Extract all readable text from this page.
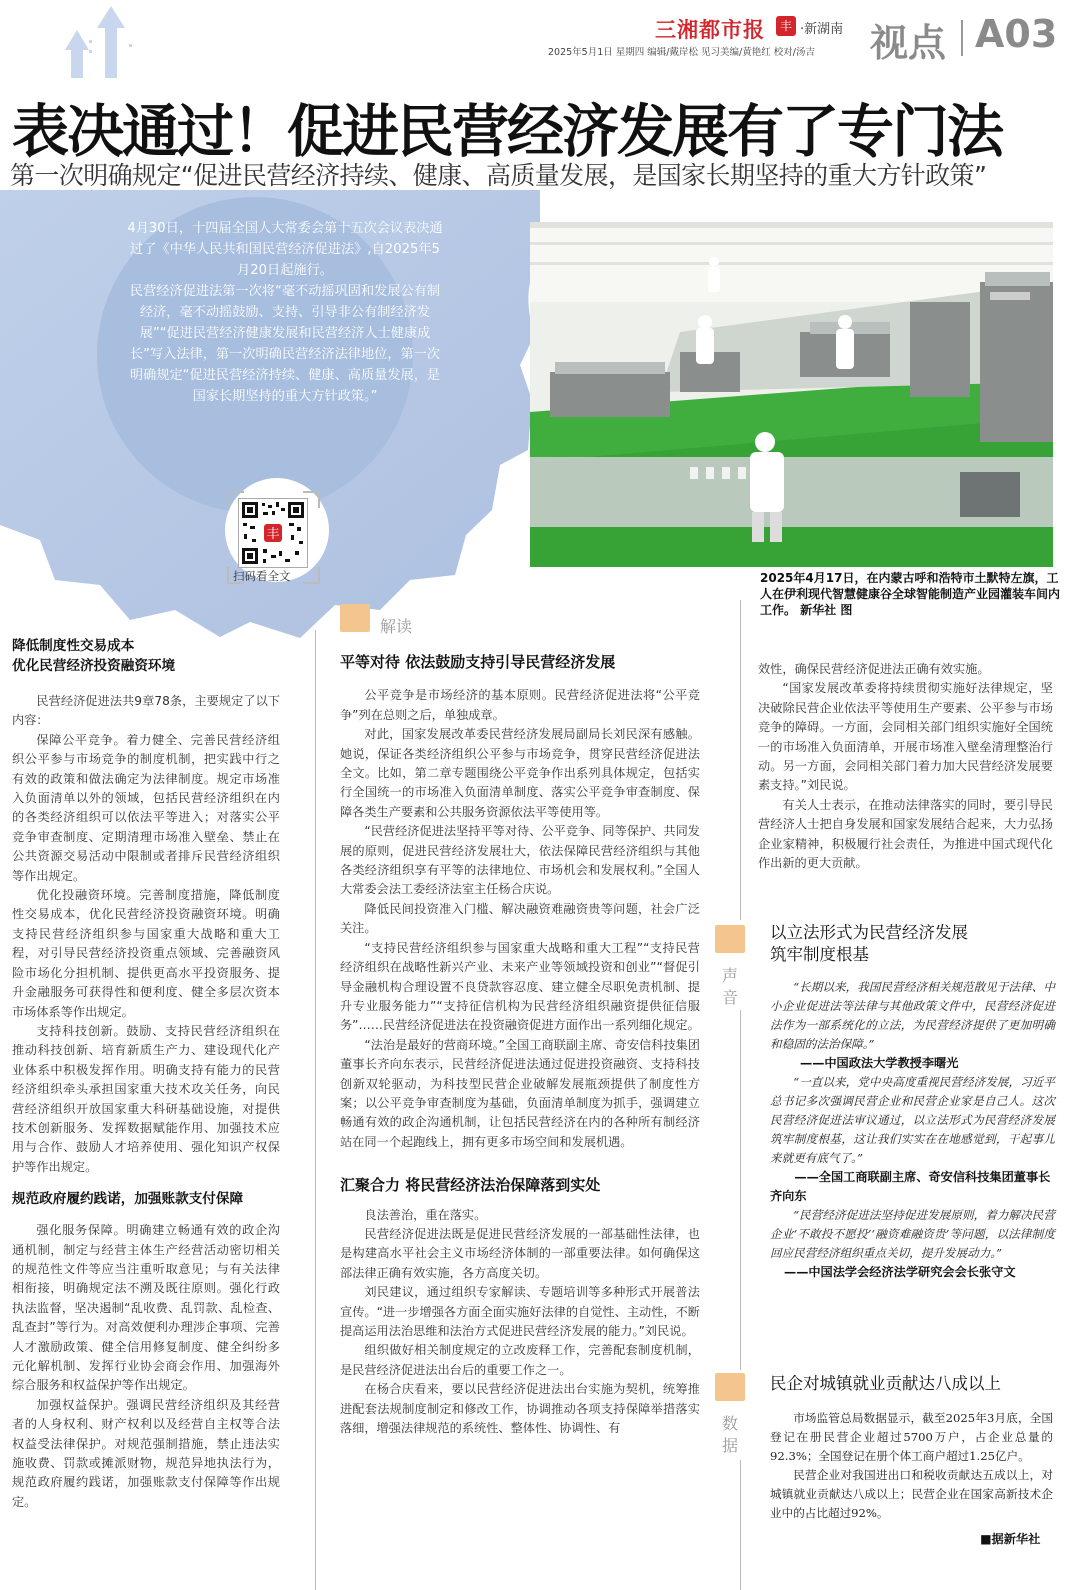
三湘都市报	丰 ·新湖南
2025年5月1日 星期四 编辑/戴岸松 见习美编/黄艳红 校对/汤吉 视点 A03
表决通过！促进民营经济发展有了专门法
第一次明确规定“促进民营经济持续、健康、高质量发展，是国家长期坚持的重大方针政策”

4月30日，十四届全国人大常委会第十五次会议表决通过了《中华人民共和国民营经济促进法》,自2025年5月20日起施行。

民营经济促进法第一次将“毫不动摇巩固和发展公有制经济，毫不动摇鼓励、支持、引导非公有制经济发展”“促进民营经济健康发展和民营经济人士健康成长”写入法律，第一次明确民营经济法律地位，第一次明确规定“促进民营经济持续、健康、高质量发展，是国家长期坚持的重大方针政策。”

丰
扫码看全文	2025年4月17日，在内蒙古呼和浩特市土默特左旗，工人在伊利现代智慧健康谷全球智能制造产业园灌装车间内工作。 新华社 图
降低制度性交易成本
优化民营经济投资融资环境

民营经济促进法共9章78条，主要规定了以下内容：

保障公平竞争。着力健全、完善民营经济组织公平参与市场竞争的制度机制，把实践中行之有效的政策和做法确定为法律制度。规定市场准入负面清单以外的领域，包括民营经济组织在内的各类经济组织可以依法平等进入；对落实公平竞争审查制度、定期清理市场准入壁垒、禁止在公共资源交易活动中限制或者排斥民营经济组织等作出规定。

优化投融资环境。完善制度措施，降低制度性交易成本，优化民营经济投资融资环境。明确支持民营经济组织参与国家重大战略和重大工程，对引导民营经济投资重点领域、完善融资风险市场化分担机制、提供更高水平投资服务、提升金融服务可获得性和便利度、健全多层次资本市场体系等作出规定。

支持科技创新。鼓励、支持民营经济组织在推动科技创新、培育新质生产力、建设现代化产业体系中积极发挥作用。明确支持有能力的民营经济组织牵头承担国家重大技术攻关任务，向民营经济组织开放国家重大科研基础设施，对提供技术创新服务、发挥数据赋能作用、加强技术应用与合作、鼓励人才培养使用、强化知识产权保护等作出规定。

规范政府履约践诺，加强账款支付保障

强化服务保障。明确建立畅通有效的政企沟通机制，制定与经营主体生产经营活动密切相关的规范性文件等应当注重听取意见；与有关法律相衔接，明确规定法不溯及既往原则。强化行政执法监督，坚决遏制“乱收费、乱罚款、乱检查、乱查封”等行为。对高效便利办理涉企事项、完善人才激励政策、健全信用修复制度、健全纠纷多元化解机制、发挥行业协会商会作用、加强海外综合服务和权益保护等作出规定。

加强权益保护。强调民营经济组织及其经营者的人身权利、财产权利以及经营自主权等合法权益受法律保护。对规范强制措施，禁止违法实施收费、罚款或摊派财物，规范异地执法行为，规范政府履约践诺，加强账款支付保障等作出规定。

解读
平等对待 依法鼓励支持引导民营经济发展

公平竞争是市场经济的基本原则。民营经济促进法将“公平竞争”列在总则之后，单独成章。

对此，国家发展改革委民营经济发展局副局长刘民深有感触。她说，保证各类经济组织公平参与市场竞争，贯穿民营经济促进法全文。比如，第二章专题围绕公平竞争作出系列具体规定，包括实行全国统一的市场准入负面清单制度、落实公平竞争审查制度、保障各类生产要素和公共服务资源依法平等使用等。

“民营经济促进法坚持平等对待、公平竞争、同等保护、共同发展的原则，促进民营经济发展壮大，依法保障民营经济组织与其他各类经济组织享有平等的法律地位、市场机会和发展权利。”全国人大常委会法工委经济法室主任杨合庆说。

降低民间投资准入门槛、解决融资难融资贵等问题，社会广泛关注。

“支持民营经济组织参与国家重大战略和重大工程”“支持民营经济组织在战略性新兴产业、未来产业等领域投资和创业”“督促引导金融机构合理设置不良贷款容忍度、建立健全尽职免责机制、提升专业服务能力”“支持征信机构为民营经济组织融资提供征信服务”……民营经济促进法在投资融资促进方面作出一系列细化规定。

“法治是最好的营商环境。”全国工商联副主席、奇安信科技集团董事长齐向东表示，民营经济促进法通过促进投资融资、支持科技创新双轮驱动，为科技型民营企业破解发展瓶颈提供了制度性方案；以公平竞争审查制度为基础，负面清单制度为抓手，强调建立畅通有效的政企沟通机制，让包括民营经济在内的各种所有制经济站在同一个起跑线上，拥有更多市场空间和发展机遇。

汇聚合力 将民营经济法治保障落到实处

良法善治，重在落实。

民营经济促进法既是促进民营经济发展的一部基础性法律，也是构建高水平社会主义市场经济体制的一部重要法律。如何确保这部法律正确有效实施，各方高度关切。

刘民建议，通过组织专家解读、专题培训等多种形式开展普法宣传。“进一步增强各方面全面实施好法律的自觉性、主动性，不断提高运用法治思维和法治方式促进民营经济发展的能力。”刘民说。

组织做好相关制度规定的立改废释工作，完善配套制度机制，是民营经济促进法出台后的重要工作之一。

在杨合庆看来，要以民营经济促进法出台实施为契机，统筹推进配套法规制度制定和修改工作，协调推动各项支持保障举措落实落细，增强法律规范的系统性、整体性、协调性、有

声
音
数
据

效性，确保民营经济促进法正确有效实施。

“国家发展改革委将持续贯彻实施好法律规定，坚决破除民营企业依法平等使用生产要素、公平参与市场竞争的障碍。一方面，会同相关部门组织实施好全国统一的市场准入负面清单，开展市场准入壁垒清理整治行动。另一方面，会同相关部门着力加大民营经济发展要素支持。”刘民说。

有关人士表示，在推动法律落实的同时，要引导民营经济人士把自身发展和国家发展结合起来，大力弘扬企业家精神，积极履行社会责任，为推进中国式现代化作出新的更大贡献。

以立法形式为民营经济发展
筑牢制度根基

“长期以来，我国民营经济相关规范散见于法律、中小企业促进法等法律与其他政策文件中，民营经济促进法作为一部系统化的立法，为民营经济提供了更加明确和稳固的法治保障。”

——中国政法大学教授李曙光

“一直以来，党中央高度重视民营经济发展，习近平总书记多次强调民营企业和民营企业家是自己人。这次民营经济促进法审议通过，以立法形式为民营经济发展筑牢制度根基，这让我们实实在在地感觉到，干起事儿来就更有底气了。”

——全国工商联副主席、奇安信科技集团董事长齐向东

“民营经济促进法坚持促进发展原则，着力解决民营企业‘不敢投不愿投’‘融资难融资贵’等问题，以法律制度回应民营经济组织重点关切，提升发展动力。”

——中国法学会经济法学研究会会长张守文
民企对城镇就业贡献达八成以上

市场监管总局数据显示，截至2025年3月底，全国登记在册民营企业超过5700万户，占企业总量的92.3%；全国登记在册个体工商户超过1.25亿户。

民营企业对我国进出口和税收贡献达五成以上，对城镇就业贡献达八成以上；民营企业在国家高新技术企业中的占比超过92%。

■据新华社
